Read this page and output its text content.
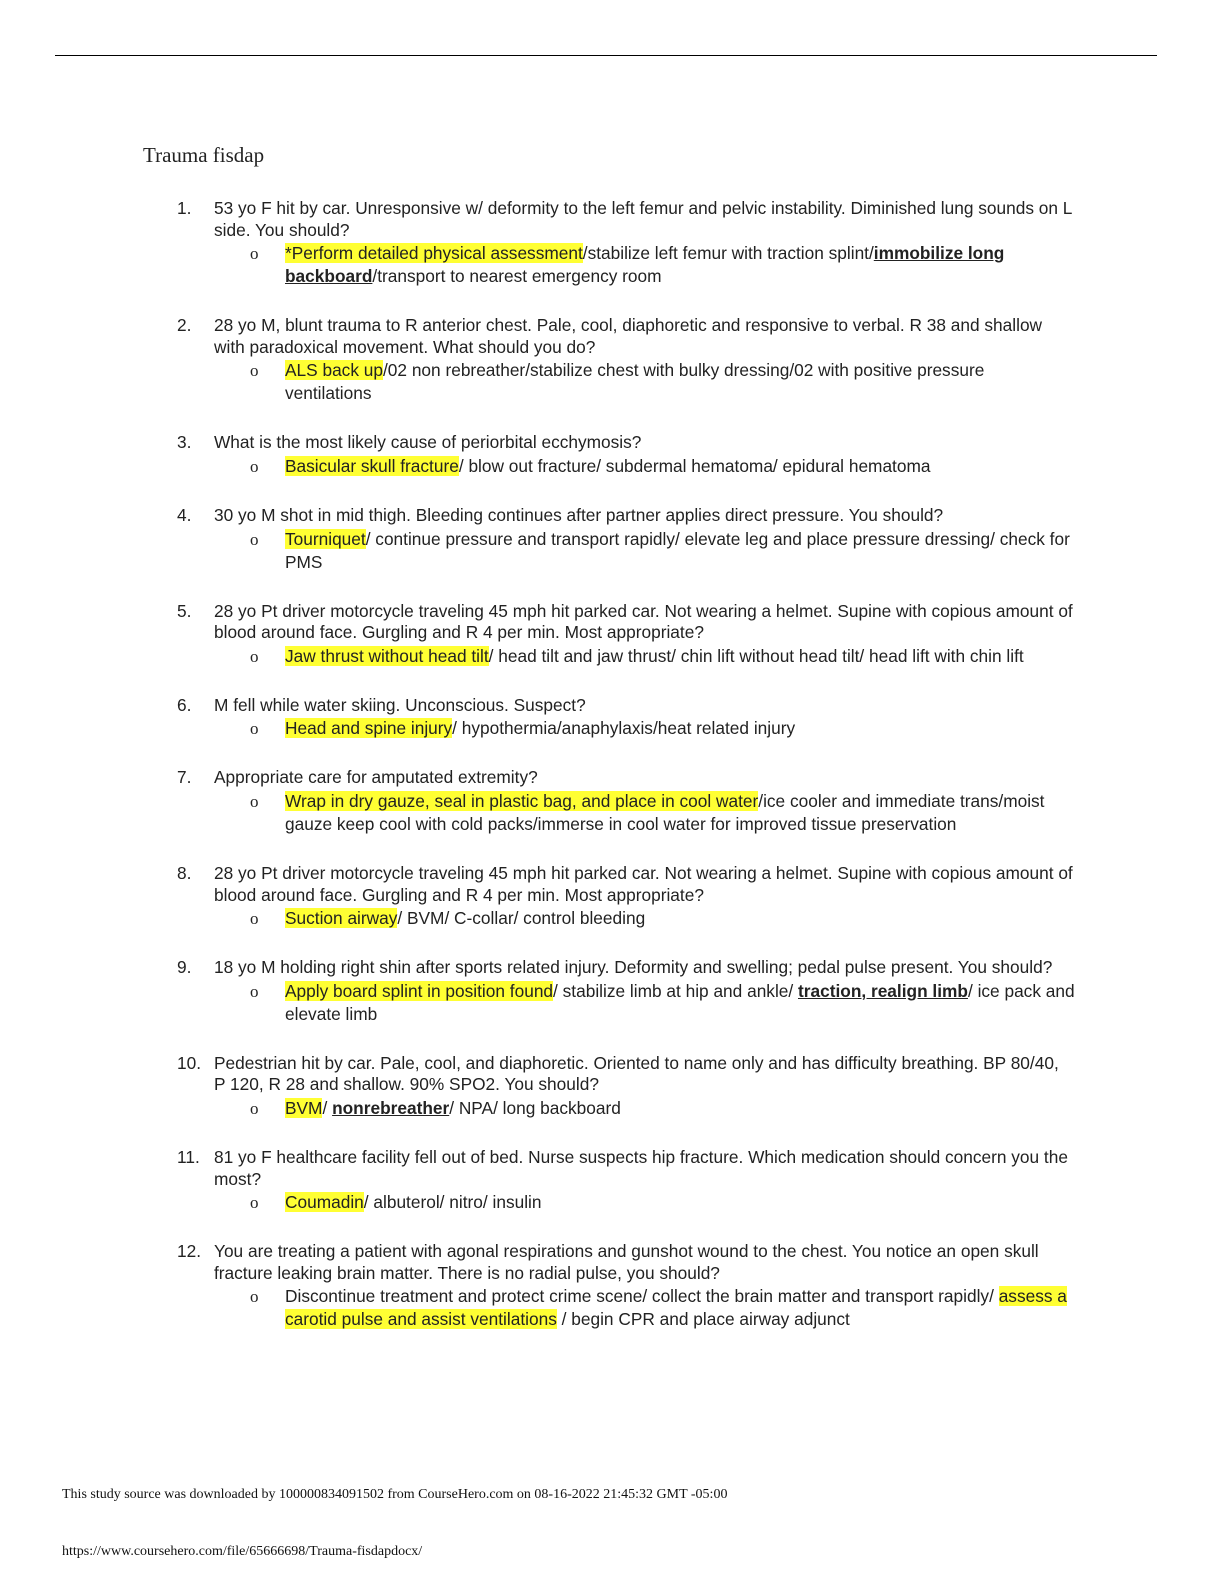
Trauma fisdap
1.	53 yo F hit by car. Unresponsive w/ deformity to the left femur and pelvic instability. Diminished lung sounds on L side. You should?
o *Perform detailed physical assessment/stabilize left femur with traction splint/immobilize long backboard/transport to nearest emergency room
2.	28 yo M, blunt trauma to R anterior chest. Pale, cool, diaphoretic and responsive to verbal. R 38 and shallow with paradoxical movement. What should you do?
o ALS back up/02 non rebreather/stabilize chest with bulky dressing/02 with positive pressure ventilations
3.	What is the most likely cause of periorbital ecchymosis?
o Basicular skull fracture/ blow out fracture/ subdermal hematoma/ epidural hematoma
4.	30 yo M shot in mid thigh. Bleeding continues after partner applies direct pressure. You should?
o Tourniquet/ continue pressure and transport rapidly/ elevate leg and place pressure dressing/ check for PMS
5.	28 yo Pt driver motorcycle traveling 45 mph hit parked car. Not wearing a helmet. Supine with copious amount of blood around face. Gurgling and R 4 per min. Most appropriate?
o Jaw thrust without head tilt/ head tilt and jaw thrust/ chin lift without head tilt/ head lift with chin lift
6.	M fell while water skiing. Unconscious. Suspect?
o Head and spine injury/ hypothermia/anaphylaxis/heat related injury
7.	Appropriate care for amputated extremity?
o Wrap in dry gauze, seal in plastic bag, and place in cool water/ice cooler and immediate trans/moist gauze keep cool with cold packs/immerse in cool water for improved tissue preservation
8.	28 yo Pt driver motorcycle traveling 45 mph hit parked car. Not wearing a helmet. Supine with copious amount of blood around face. Gurgling and R 4 per min. Most appropriate?
o Suction airway/ BVM/ C-collar/ control bleeding
9.	18 yo M holding right shin after sports related injury. Deformity and swelling; pedal pulse present. You should?
o Apply board splint in position found/ stabilize limb at hip and ankle/ traction, realign limb/ ice pack and elevate limb
10. Pedestrian hit by car. Pale, cool, and diaphoretic. Oriented to name only and has difficulty breathing. BP 80/40, P 120, R 28 and shallow. 90% SPO2. You should?
o BVM/ nonrebreather/ NPA/ long backboard
11. 81 yo F healthcare facility fell out of bed. Nurse suspects hip fracture. Which medication should concern you the most?
o Coumadin/ albuterol/ nitro/ insulin
12. You are treating a patient with agonal respirations and gunshot wound to the chest. You notice an open skull fracture leaking brain matter. There is no radial pulse, you should?
o Discontinue treatment and protect crime scene/ collect the brain matter and transport rapidly/ assess a carotid pulse and assist ventilations / begin CPR and place airway adjunct
This study source was downloaded by 100000834091502 from CourseHero.com on 08-16-2022 21:45:32 GMT -05:00
https://www.coursehero.com/file/65666698/Trauma-fisdapdocx/
